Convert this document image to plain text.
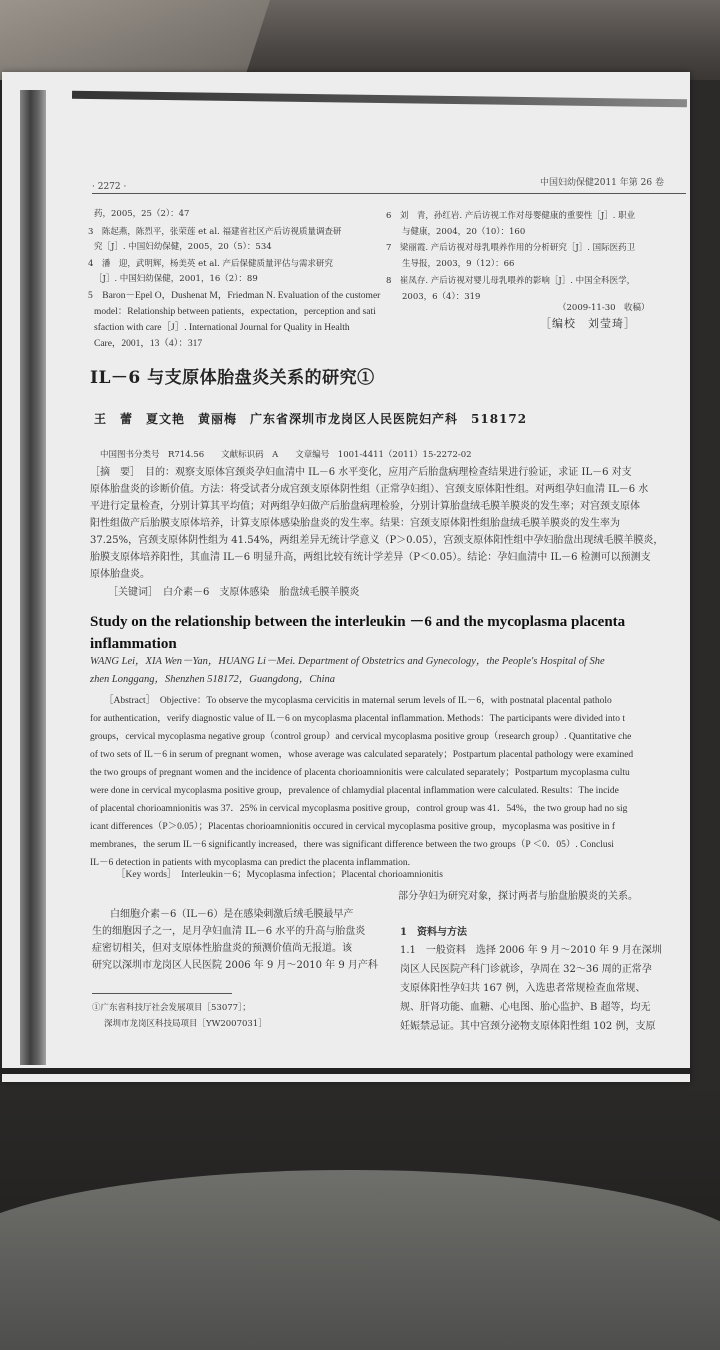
· 2272 ·	中国妇幼保健2011 年第 26 卷
药，2005，25（2）：47
3　陈起燕，陈烈平，张荣莲 et al. 福建省社区产后访视质量调查研
究［J］. 中国妇幼保健，2005，20（5）：534
4　潘　迎，武明辉，杨美英 et al. 产后保健质量评估与需求研究
［J］. 中国妇幼保健，2001，16（2）：89
5　Baron－Epel O，Dushenat M，Friedman N. Evaluation of the customer
model：Relationship between patients，expectation，perception and sati
sfaction with care［J］. International Journal for Quality in Health
Care，2001，13（4）：317
6　刘　青，孙红岩. 产后访视工作对母婴健康的重要性［J］. 职业
与健康，2004，20（10）：160
7　梁丽霞. 产后访视对母乳喂养作用的分析研究［J］. 国际医药卫
生导报，2003，9（12）：66
8　崔凤存. 产后访视对婴儿母乳喂养的影响［J］. 中国全科医学，
2003，6（4）：319
（2009-11-30　收稿）
［编校　刘莹琦］
IL－6 与支原体胎盘炎关系的研究①
王　蕾　夏文艳　黄丽梅　广东省深圳市龙岗区人民医院妇产科　518172
中国图书分类号　R714.56　　文献标识码　A　　文章编号　1001-4411（2011）15-2272-02
［摘　要］　目的：观察支原体宫颈炎孕妇血清中 IL－6 水平变化，应用产后胎盘病理检查结果进行验证，求证 IL－6 对支
原体胎盘炎的诊断价值。方法：将受试者分成宫颈支原体阴性组（正常孕妇组）、宫颈支原体阳性组。对两组孕妇血清 IL－6 水
平进行定量检查，分别计算其平均值；对两组孕妇做产后胎盘病理检验，分别计算胎盘绒毛膜羊膜炎的发生率；对宫颈支原体
阳性组做产后胎膜支原体培养，计算支原体感染胎盘炎的发生率。结果：宫颈支原体阳性组胎盘绒毛膜羊膜炎的发生率为
37.25%，宫颈支原体阴性组为 41.54%，两组差异无统计学意义（P＞0.05），宫颈支原体阳性组中孕妇胎盘出现绒毛膜羊膜炎，
胎膜支原体培养阳性，其血清 IL－6 明显升高，两组比较有统计学差异（P＜0.05）。结论：孕妇血清中 IL－6 检测可以预测支
原体胎盘炎。
［关键词］　白介素－6　支原体感染　胎盘绒毛膜羊膜炎
Study on the relationship between the interleukin －6 and the mycoplasma placenta
inflammation
WANG Lei，XIA Wen－Yan，HUANG Li－Mei. Department of Obstetrics and Gynecology，the People's Hospital of She
zhen Longgang，Shenzhen 518172，Guangdong，China
［Abstract］　Objective：To observe the mycoplasma cervicitis in maternal serum levels of IL－6，with postnatal placental patholo
for authentication，verify diagnostic value of IL－6 on mycoplasma placental inflammation. Methods：The participants were divided into t
groups，cervical mycoplasma negative group（control group）and cervical mycoplasma positive group（research group）. Quantitative che
of two sets of IL－6 in serum of pregnant women，whose average was calculated separately；Postpartum placental pathology were examined
the two groups of pregnant women and the incidence of placenta chorioamnionitis were calculated separately；Postpartum mycoplasma cultu
were done in cervical mycoplasma positive group，prevalence of chlamydial placental inflammation were calculated. Results：The incide
of placental chorioamnionitis was 37．25% in cervical mycoplasma positive group，control group was 41．54%，the two group had no sig
icant differences（P＞0.05）；Placentas chorioamnionitis occured in cervical mycoplasma positive group，mycoplasma was positive in f
membranes，the serum IL－6 significantly increased，there was significant difference between the two groups（P ＜0．05）. Conclusi
IL－6 detection in patients with mycoplasma can predict the placenta inflammation.
［Key words］　Interleukin－6；Mycoplasma infection；Placental chorioamnionitis
白细胞介素－6（IL－6）是在感染刺激后绒毛膜最早产
生的细胞因子之一，足月孕妇血清 IL－6 水平的升高与胎盘炎
症密切相关，但对支原体性胎盘炎的预测价值尚无报道。该
研究以深圳市龙岗区人民医院 2006 年 9 月～2010 年 9 月产科
①广东省科技厅社会发展项目［53077］；
深圳市龙岗区科技局项目［YW2007031］
部分孕妇为研究对象，探讨两者与胎盘胎膜炎的关系。
1　资料与方法
1.1　一般资料　选择 2006 年 9 月～2010 年 9 月在深圳
岗区人民医院产科门诊就诊，孕周在 32～36 周的正常孕
支原体阳性孕妇共 167 例，入选患者常规检查血常规、
规、肝肾功能、血糖、心电图、胎心监护、B 超等，均无
妊娠禁忌证。其中宫颈分泌物支原体阳性组 102 例，支原
